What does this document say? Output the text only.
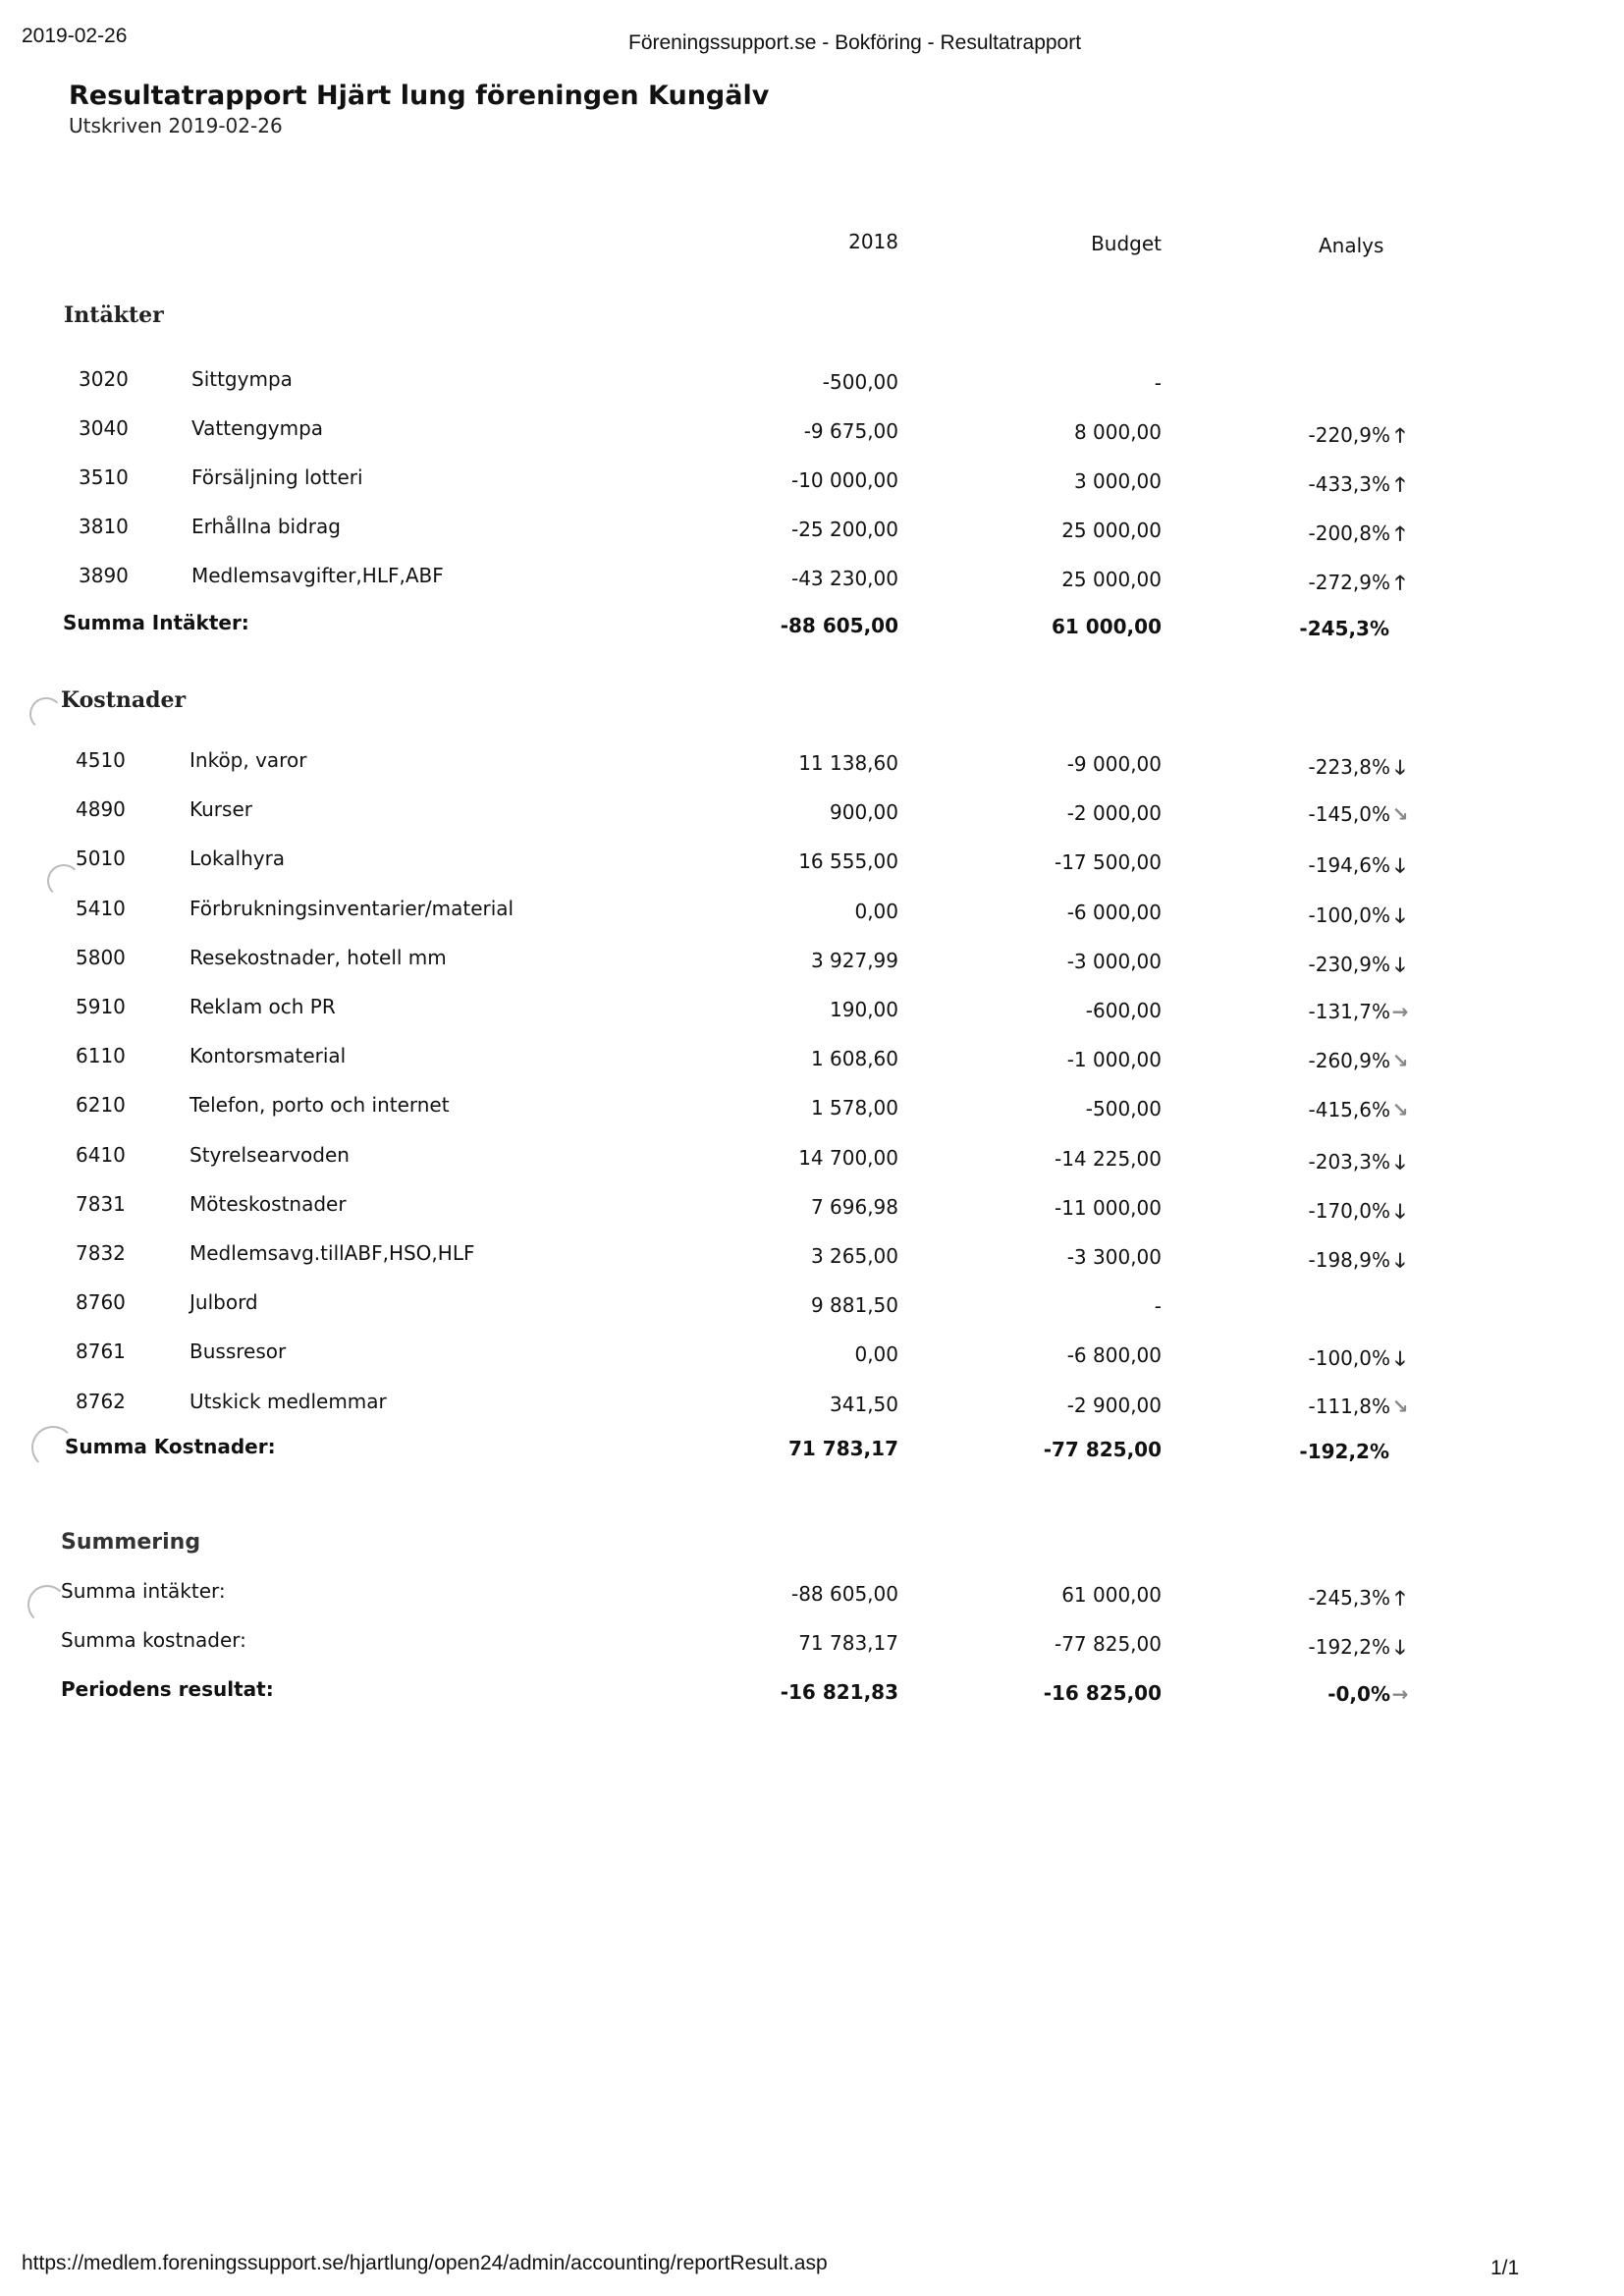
2019-02-26	Föreningssupport.se - Bokföring - Resultatrapport
Resultatrapport Hjärt lung föreningen Kungälv
Utskriven 2019-02-26
2018	Budget	Analys
Intäkter
3020	Sittgympa	-500,00	-
3040	Vattengympa	-9 675,00	8 000,00	-220,9% 🡑
3510	Försäljning lotteri	-10 000,00	3 000,00	-433,3% 🡑
3810	Erhållna bidrag	-25 200,00	25 000,00	-200,8% 🡑
3890	Medlemsavgifter,HLF,ABF	-43 230,00	25 000,00	-272,9% 🡑
Summa Intäkter:	-88 605,00	61 000,00	-245,3%
Kostnader
4510	Inköp, varor	11 138,60	-9 000,00	-223,8% 🡓
4890	Kurser	900,00	-2 000,00	-145,0%↘
5010	Lokalhyra	16 555,00	-17 500,00	-194,6% 🡓
5410	Förbrukningsinventarier/material	0,00	-6 000,00	-100,0% 🡓
5800	Resekostnader, hotell mm	3 927,99	-3 000,00	-230,9% 🡓
5910	Reklam och PR	190,00	-600,00	-131,7%→
6110	Kontorsmaterial	1 608,60	-1 000,00	-260,9%↘
6210	Telefon, porto och internet	1 578,00	-500,00	-415,6%↘
6410	Styrelsearvoden	14 700,00	-14 225,00	-203,3% 🡓
7831	Möteskostnader	7 696,98	-11 000,00	-170,0% 🡓
7832	Medlemsavg.tillABF,HSO,HLF	3 265,00	-3 300,00	-198,9% 🡓
8760	Julbord	9 881,50	-
8761	Bussresor	0,00	-6 800,00	-100,0% 🡓
8762	Utskick medlemmar	341,50	-2 900,00	-111,8%↘
Summa Kostnader:	71 783,17	-77 825,00	-192,2%
Summering
Summa intäkter:	-88 605,00	61 000,00	-245,3% 🡑
Summa kostnader:	71 783,17	-77 825,00	-192,2% 🡓
Periodens resultat:	-16 821,83	-16 825,00	-0,0%→
https://medlem.foreningssupport.se/hjartlung/open24/admin/accounting/reportResult.asp	1/1
